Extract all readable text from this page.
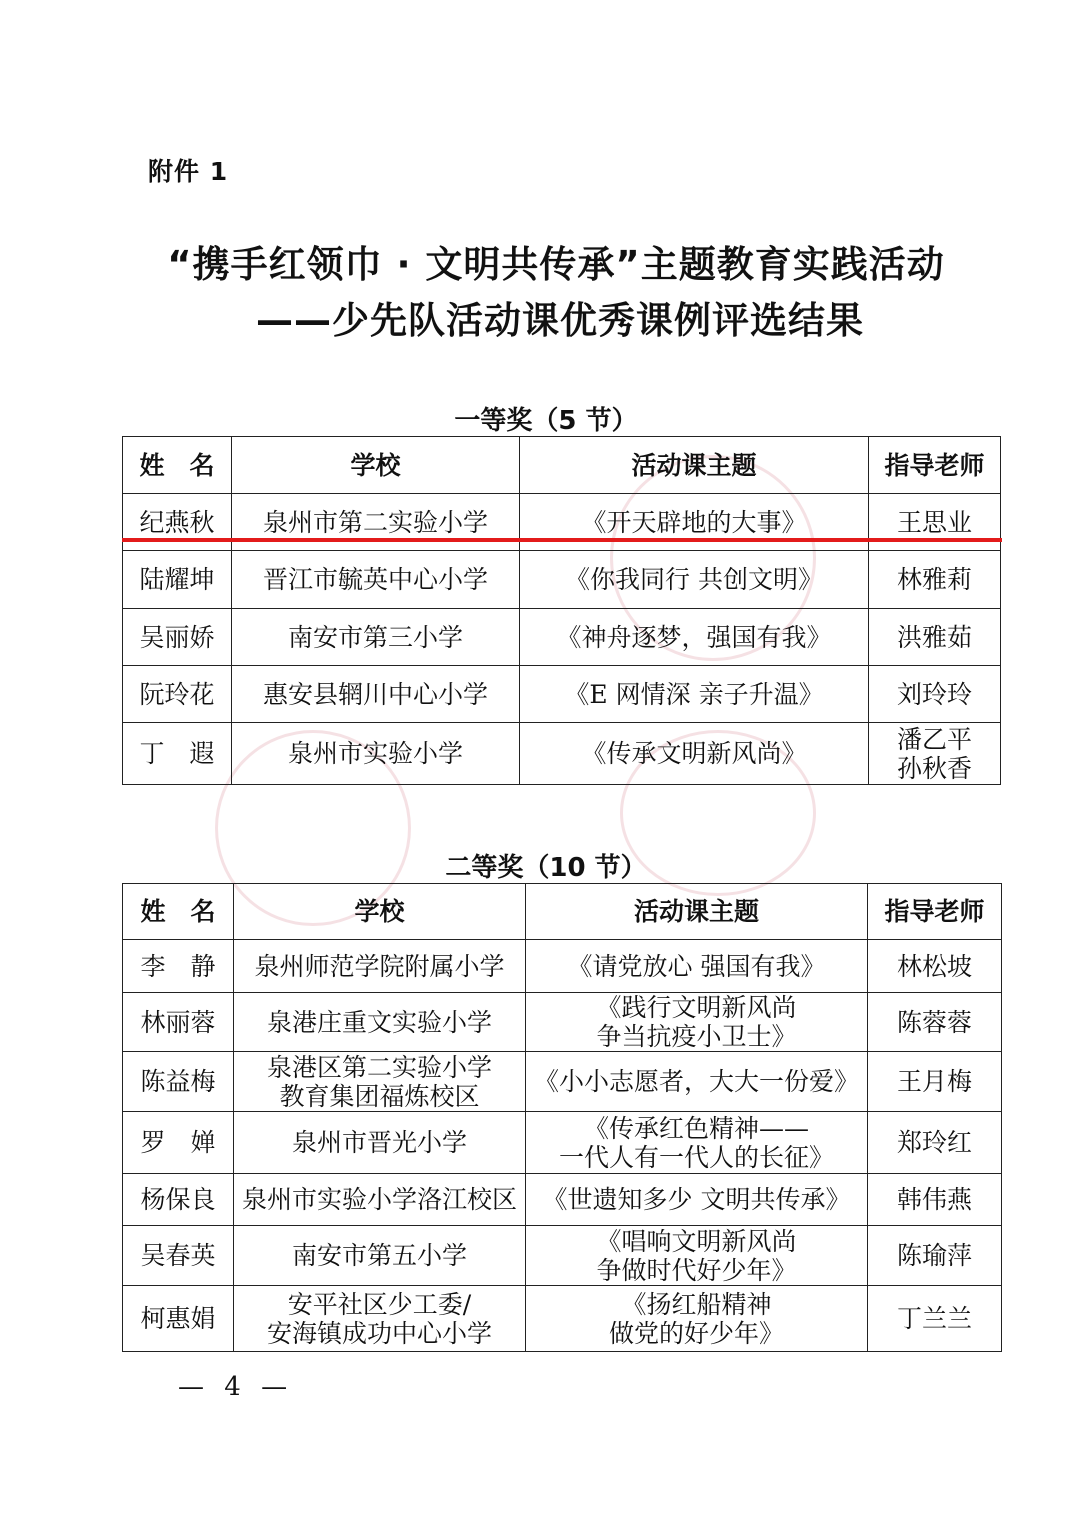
附件 1
“携手红领巾 · 文明共传承”主题教育实践活动
——少先队活动课优秀课例评选结果
一等奖（5 节）
姓　名	学校	活动课主题	指导老师
纪燕秋	泉州市第二实验小学	《开天辟地的大事》	王思业

陆耀坤	晋江市毓英中心小学	《你我同行 共创文明》	林雅莉

吴丽娇	南安市第三小学	《神舟逐梦，强国有我》	洪雅茹

阮玲花	惠安县辋川中心小学	《E 网情深 亲子升温》	刘玲玲

丁　遐	泉州市实验小学	《传承文明新风尚》	潘乙平
孙秋香
二等奖（10 节）
姓　名	学校	活动课主题	指导老师
李　静	泉州师范学院附属小学	《请党放心 强国有我》	林松坡

林丽蓉	泉港庄重文实验小学	《践行文明新风尚
争当抗疫小卫士》	陈蓉蓉

陈益梅	泉港区第二实验小学
教育集团福炼校区	《小小志愿者，大大一份爱》	王月梅

罗　婵	泉州市晋光小学	《传承红色精神——
一代人有一代人的长征》	郑玲红

杨保良	泉州市实验小学洛江校区	《世遗知多少 文明共传承》	韩伟燕

吴春英	南安市第五小学	《唱响文明新风尚
争做时代好少年》	陈瑜萍

柯惠娟	安平社区少工委/
安海镇成功中心小学	《扬红船精神
做党的好少年》	丁兰兰
— 4 —
